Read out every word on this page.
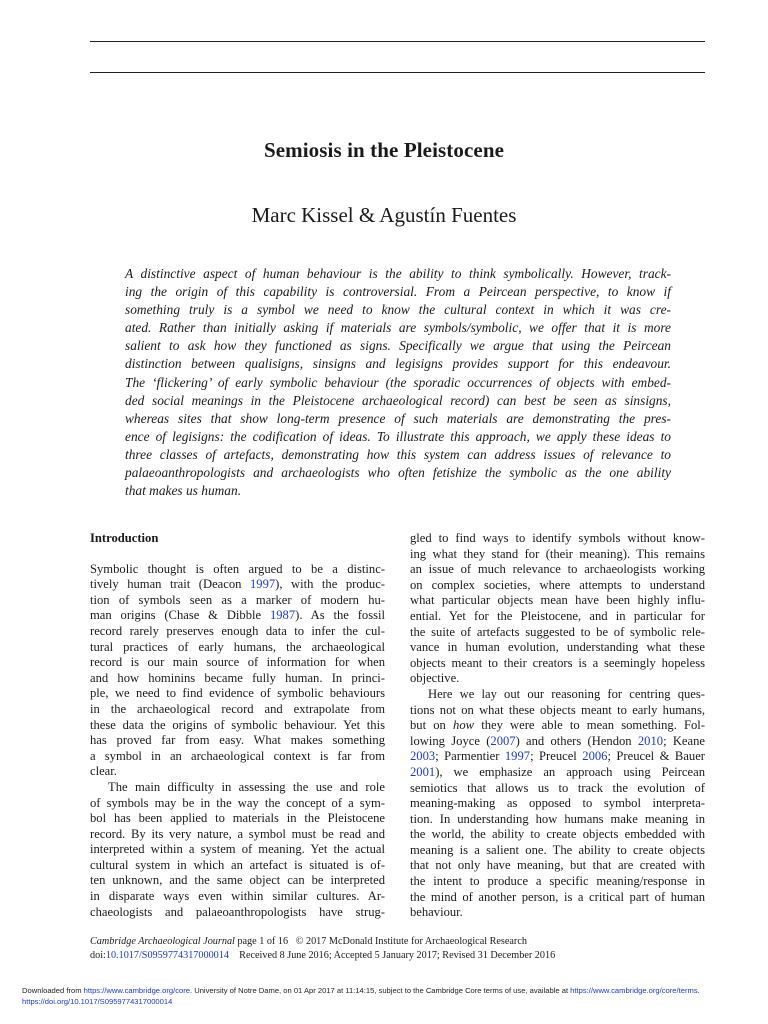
Semiosis in the Pleistocene
Marc Kissel & Agustín Fuentes
A distinctive aspect of human behaviour is the ability to think symbolically. However, track-
ing the origin of this capability is controversial. From a Peircean perspective, to know if
something truly is a symbol we need to know the cultural context in which it was cre-
ated. Rather than initially asking if materials are symbols/symbolic, we offer that it is more
salient to ask how they functioned as signs. Specifically we argue that using the Peircean
distinction between qualisigns, sinsigns and legisigns provides support for this endeavour.
The ‘flickering’ of early symbolic behaviour (the sporadic occurrences of objects with embed-
ded social meanings in the Pleistocene archaeological record) can best be seen as sinsigns,
whereas sites that show long-term presence of such materials are demonstrating the pres-
ence of legisigns: the codification of ideas. To illustrate this approach, we apply these ideas to
three classes of artefacts, demonstrating how this system can address issues of relevance to
palaeoanthropologists and archaeologists who often fetishize the symbolic as the one ability
that makes us human.
Introduction
Symbolic thought is often argued to be a distinc-
tively human trait (Deacon 1997), with the produc-
tion of symbols seen as a marker of modern hu-
man origins (Chase & Dibble 1987). As the fossil
record rarely preserves enough data to infer the cul-
tural practices of early humans, the archaeological
record is our main source of information for when
and how hominins became fully human. In princi-
ple, we need to find evidence of symbolic behaviours
in the archaeological record and extrapolate from
these data the origins of symbolic behaviour. Yet this
has proved far from easy. What makes something
a symbol in an archaeological context is far from
clear.
The main difficulty in assessing the use and role
of symbols may be in the way the concept of a sym-
bol has been applied to materials in the Pleistocene
record. By its very nature, a symbol must be read and
interpreted within a system of meaning. Yet the actual
cultural system in which an artefact is situated is of-
ten unknown, and the same object can be interpreted
in disparate ways even within similar cultures. Ar-
chaeologists and palaeoanthropologists have strug-
gled to find ways to identify symbols without know-
ing what they stand for (their meaning). This remains
an issue of much relevance to archaeologists working
on complex societies, where attempts to understand
what particular objects mean have been highly influ-
ential. Yet for the Pleistocene, and in particular for
the suite of artefacts suggested to be of symbolic rele-
vance in human evolution, understanding what these
objects meant to their creators is a seemingly hopeless
objective.
Here we lay out our reasoning for centring ques-
tions not on what these objects meant to early humans,
but on how they were able to mean something. Fol-
lowing Joyce (2007) and others (Hendon 2010; Keane
2003; Parmentier 1997; Preucel 2006; Preucel & Bauer
2001), we emphasize an approach using Peircean
semiotics that allows us to track the evolution of
meaning-making as opposed to symbol interpreta-
tion. In understanding how humans make meaning in
the world, the ability to create objects embedded with
meaning is a salient one. The ability to create objects
that not only have meaning, but that are created with
the intent to produce a specific meaning/response in
the mind of another person, is a critical part of human
behaviour.
Cambridge Archaeological Journal page 1 of 16 © 2017 McDonald Institute for Archaeological Research
doi:10.1017/S0959774317000014 Received 8 June 2016; Accepted 5 January 2017; Revised 31 December 2016
Downloaded from https://www.cambridge.org/core. University of Notre Dame, on 01 Apr 2017 at 11:14:15, subject to the Cambridge Core terms of use, available at https://www.cambridge.org/core/terms.
https://doi.org/10.1017/S0959774317000014
